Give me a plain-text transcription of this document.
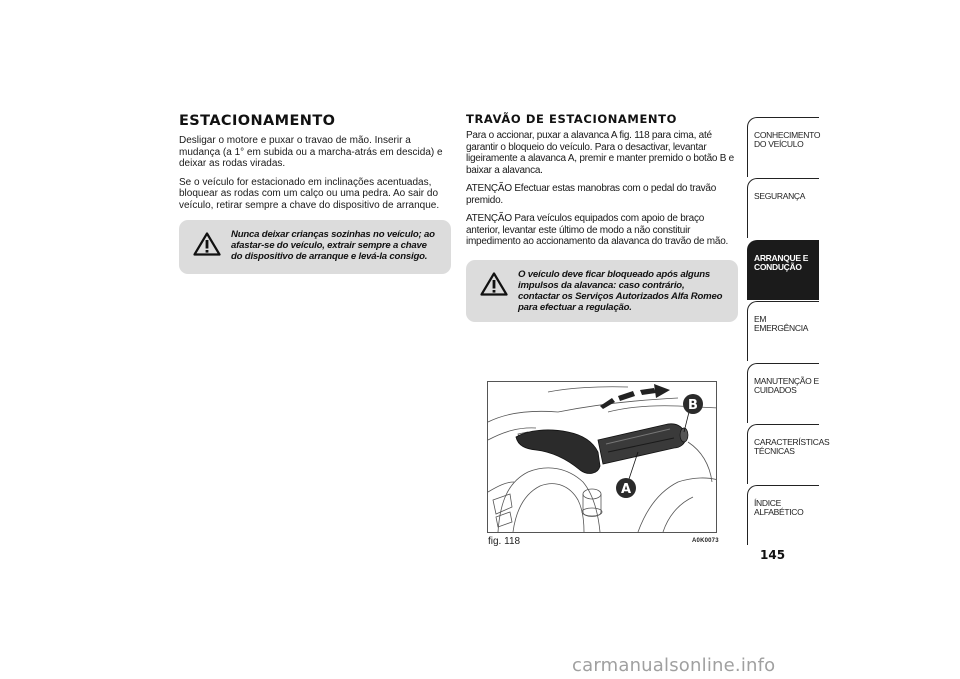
ESTACIONAMENTO

Desligar o motore e puxar o travao de mão. Inserir a mudança (a 1° em subida ou a marcha-atrás em descida) e deixar as rodas viradas.

Se o veículo for estacionado em inclinações acentuadas, bloquear as rodas com um calço ou uma pedra. Ao sair do veículo, retirar sempre a chave do dispositivo de arranque.

Nunca deixar crianças sozinhas no veículo; ao afastar-se do veículo, extrair sempre a chave do dispositivo de arranque e levá-la consigo.
TRAVÃO DE ESTACIONAMENTO

Para o accionar, puxar a alavanca A fig. 118 para cima, até garantir o bloqueio do veículo. Para o desactivar, levantar ligeiramente a alavanca A, premir e manter premido o botão B e baixar a alavanca.

ATENÇÃO Efectuar estas manobras com o pedal do travão premido.

ATENÇÃO Para veículos equipados com apoio de braço anterior, levantar este último de modo a não constituir impedimento ao accionamento da alavanca do travão de mão.

O veículo deve ficar bloqueado após alguns impulsos da alavanca: caso contrário, contactar os Serviços Autorizados Alfa Romeo para efectuar a regulação.
B
A
fig. 118	A0K0073
CONHECIMENTO DO VEÍCULO
SEGURANÇA
ARRANQUE E CONDUÇÃO
EM EMERGÊNCIA
MANUTENÇÃO E CUIDADOS
CARACTERÍSTICAS TÉCNICAS
ÍNDICE ALFABÉTICO
145
carmanualsonline.info
